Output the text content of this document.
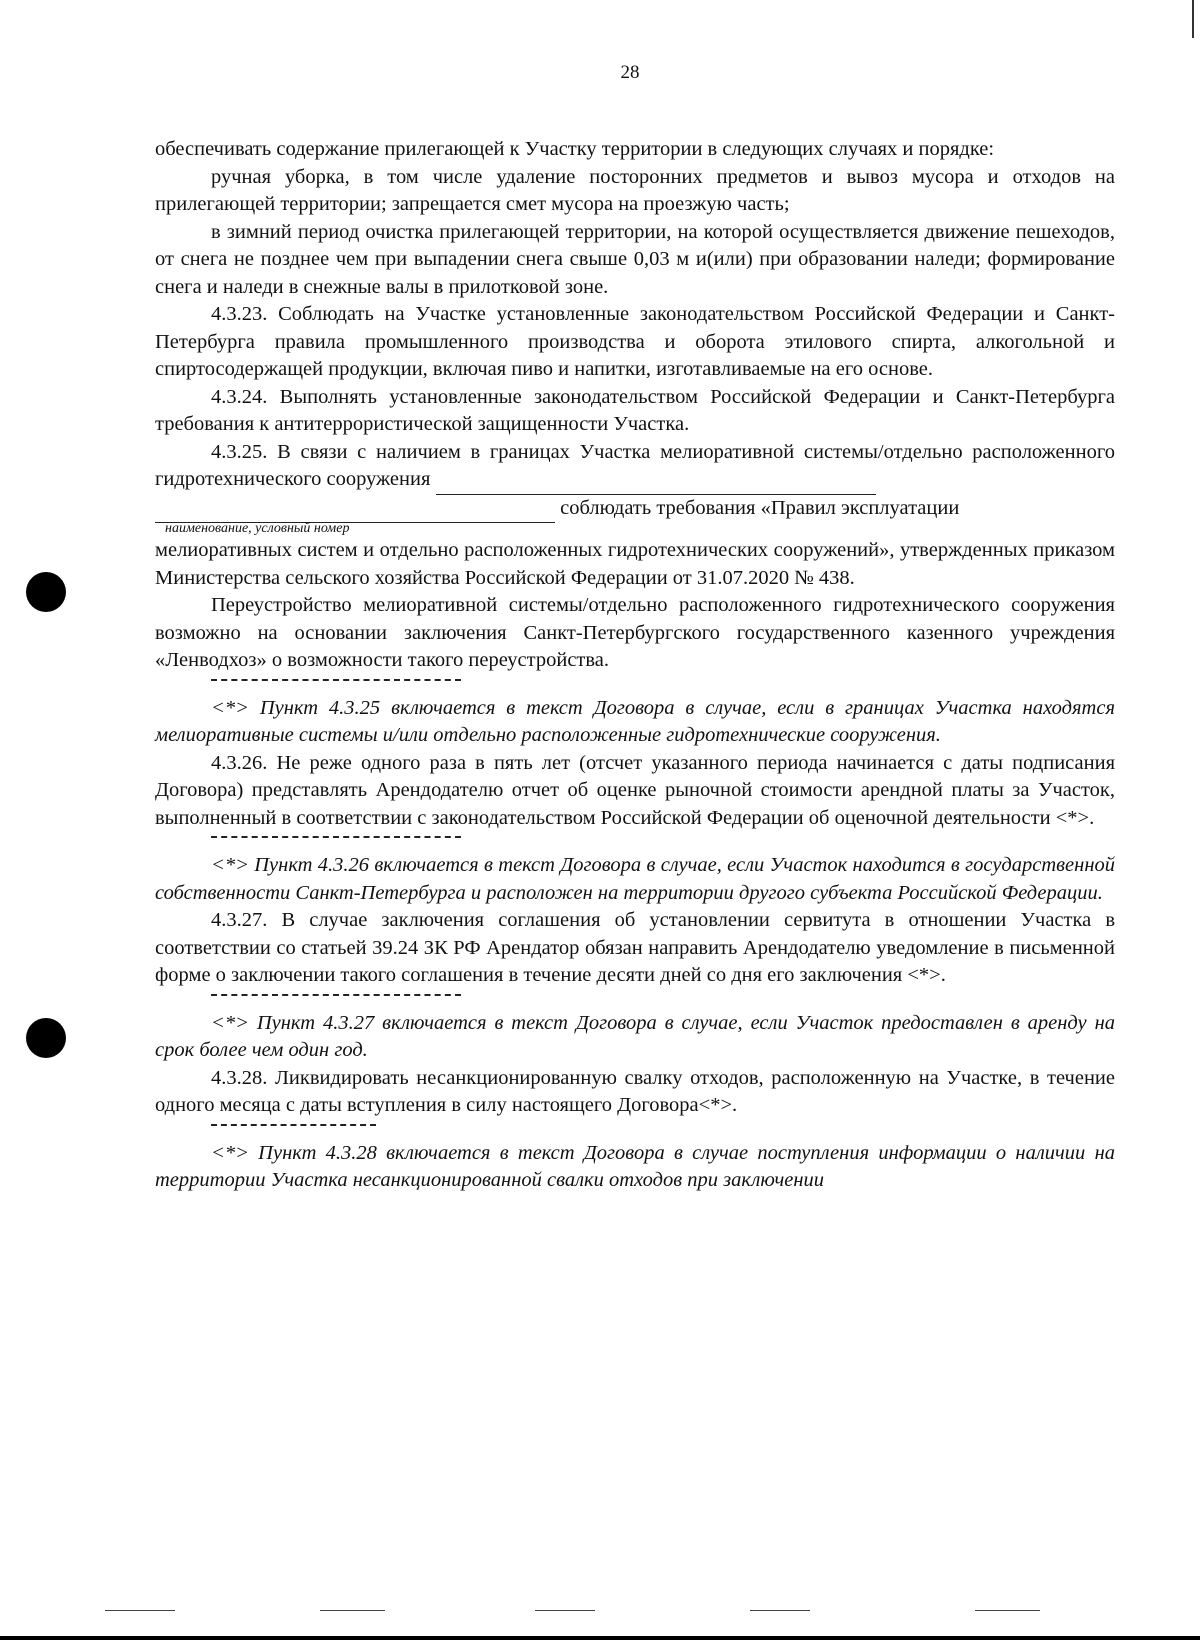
28

обеспечивать содержание прилегающей к Участку территории в следующих случаях и порядке:

ручная уборка, в том числе удаление посторонних предметов и вывоз мусора и отходов на прилегающей территории; запрещается смет мусора на проезжую часть;

в зимний период очистка прилегающей территории, на которой осуществляется движение пешеходов, от снега не позднее чем при выпадении снега свыше 0,03 м и(или) при образовании наледи; формирование снега и наледи в снежные валы в прилотковой зоне.

4.3.23. Соблюдать на Участке установленные законодательством Российской Федерации и Санкт-Петербурга правила промышленного производства и оборота этилового спирта, алкогольной и спиртосодержащей продукции, включая пиво и напитки, изготавливаемые на его основе.

4.3.24. Выполнять установленные законодательством Российской Федерации и Санкт-Петербурга требования к антитеррористической защищенности Участка.

4.3.25. В связи с наличием в границах Участка мелиоративной системы/отдельно расположенного гидротехнического сооружения

соблюдать требования «Правил эксплуатации

наименование, условный номер

мелиоративных систем и отдельно расположенных гидротехнических сооружений», утвержденных приказом Министерства сельского хозяйства Российской Федерации от 31.07.2020 № 438.

Переустройство мелиоративной системы/отдельно расположенного гидротехнического сооружения возможно на основании заключения Санкт-Петербургского государственного казенного учреждения «Ленводхоз» о возможности такого переустройства.

<*> Пункт 4.3.25 включается в текст Договора в случае, если в границах Участка находятся мелиоративные системы и/или отдельно расположенные гидротехнические сооружения.

4.3.26. Не реже одного раза в пять лет (отсчет указанного периода начинается с даты подписания Договора) представлять Арендодателю отчет об оценке рыночной стоимости арендной платы за Участок, выполненный в соответствии с законодательством Российской Федерации об оценочной деятельности <*>.

<*> Пункт 4.3.26 включается в текст Договора в случае, если Участок находится в государственной собственности Санкт-Петербурга и расположен на территории другого субъекта Российской Федерации.

4.3.27. В случае заключения соглашения об установлении сервитута в отношении Участка в соответствии со статьей 39.24 ЗК РФ Арендатор обязан направить Арендодателю уведомление в письменной форме о заключении такого соглашения в течение десяти дней со дня его заключения <*>.

<*> Пункт 4.3.27 включается в текст Договора в случае, если Участок предоставлен в аренду на срок более чем один год.

4.3.28. Ликвидировать несанкционированную свалку отходов, расположенную на Участке, в течение одного месяца с даты вступления в силу настоящего Договора<*>.

<*> Пункт 4.3.28 включается в текст Договора в случае поступления информации о наличии на территории Участка несанкционированной свалки отходов при заключении
